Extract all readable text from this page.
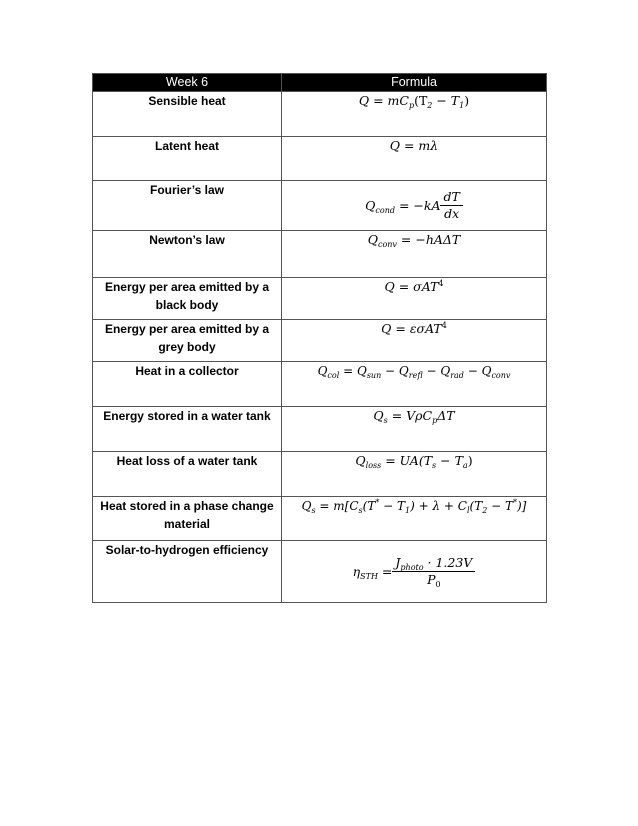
Week 6	Formula
Sensible heat	$Q = mC_p(T_2 - T_1)$
Latent heat	Q = mλ
Fourier’s law	$Q_{cond} = -kA \frac{dT}{dx}$

Newton’s law	$Q_{conv} = -hA\Delta T$
Energy per area emitted by a black body	Q = σAT$^4$
Energy per area emitted by a grey body	Q = εσAT$^4$
Heat in a collector	$Q_{col} = Q_{sun} - Q_{refl} - Q_{rad} - Q_{conv}$
Energy stored in a water tank	$Q_s = V\rho C_p\Delta T$
Heat loss of a water tank	$Q_{loss} = UA(T_s - T_a)$
Heat stored in a phase change material	$Q_s = m[C_s(T^* - T_1) + \lambda + C_l(T_2 - T^*)]$
Solar-to-hydrogen efficiency	$\eta_{STH} = \frac{J_{photo} \cdot 1.23V}{P_0}$
